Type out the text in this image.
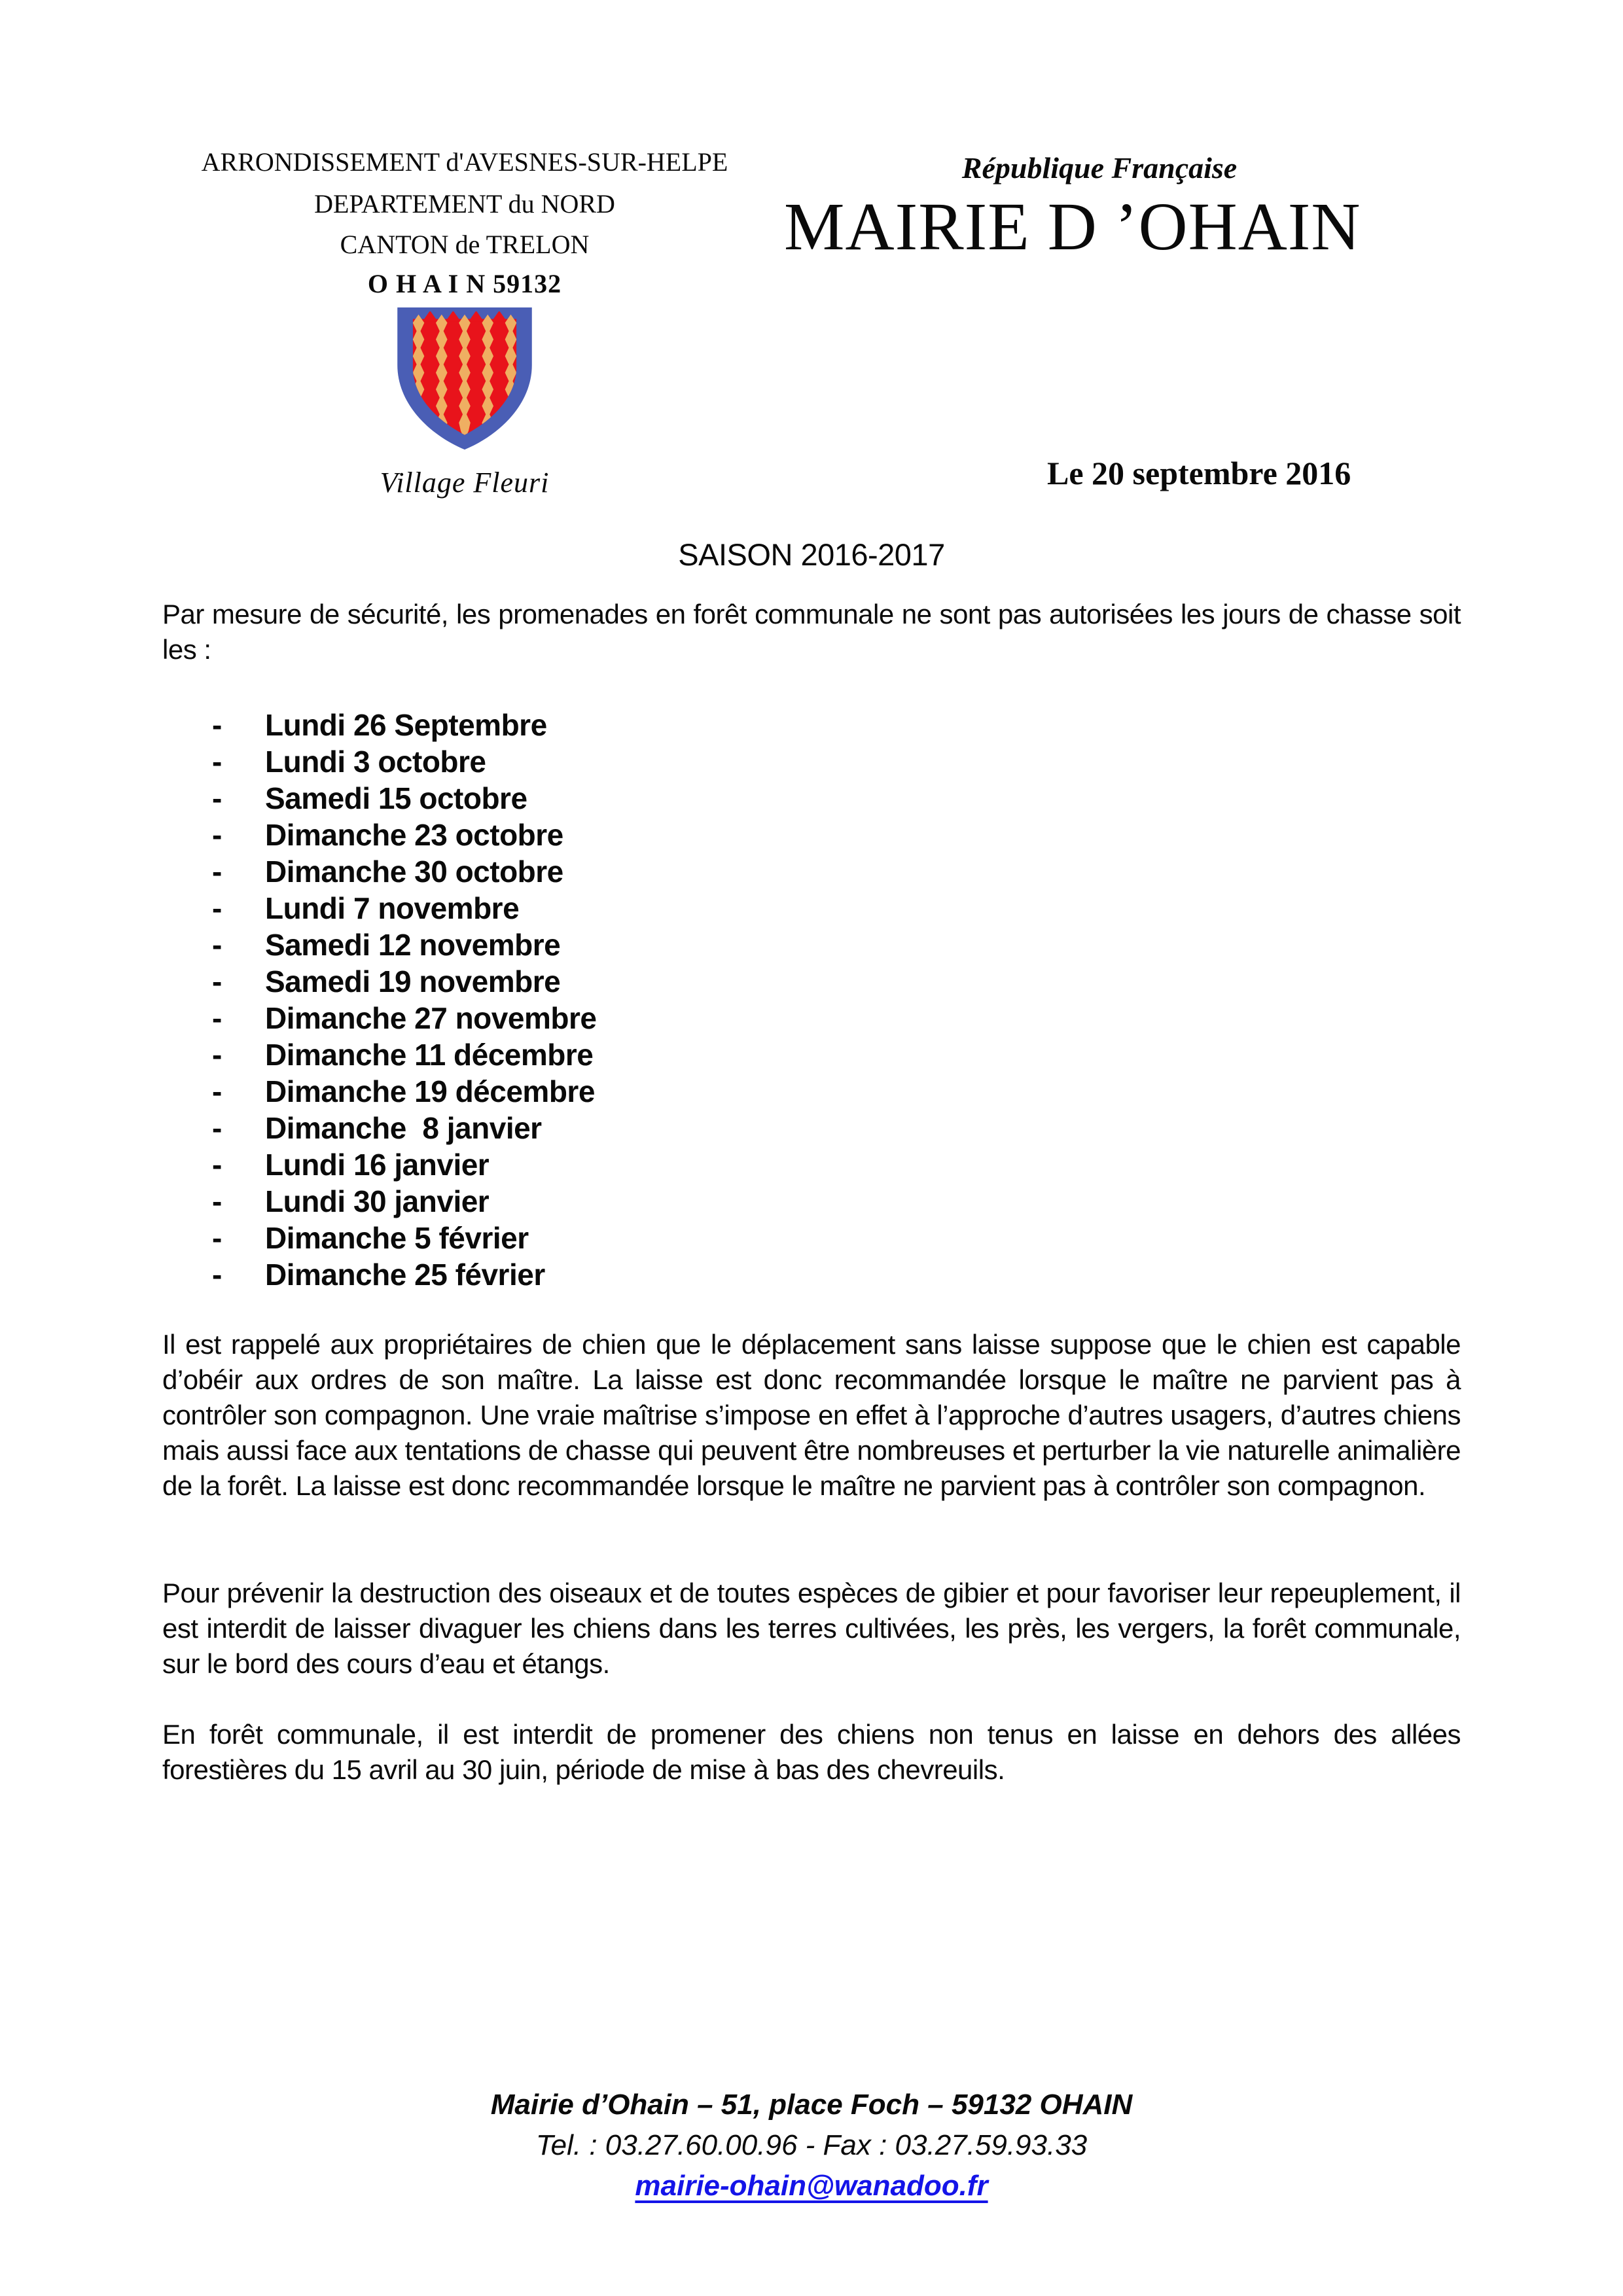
ARRONDISSEMENT d'AVESNES-SUR-HELPE
DEPARTEMENT du NORD
CANTON de TRELON
O H A I N 59132
Village Fleuri
République Française
MAIRIE D ’OHAIN
Le 20 septembre 2016
SAISON 2016-2017
Par mesure de sécurité, les promenades en forêt communale ne sont pas autorisées les jours de chasse soit les :
-	Lundi 26 Septembre
-	Lundi 3 octobre
-	Samedi 15 octobre
-	Dimanche 23 octobre
-	Dimanche 30 octobre
-	Lundi 7 novembre
-	Samedi 12 novembre
-	Samedi 19 novembre
-	Dimanche 27 novembre
-	Dimanche 11 décembre
-	Dimanche 19 décembre
-	Dimanche  8 janvier
-	Lundi 16 janvier
-	Lundi 30 janvier
-	Dimanche 5 février
-	Dimanche 25 février
Il est rappelé aux propriétaires de chien que le déplacement sans laisse suppose que le chien est capable d’obéir aux ordres de son maître. La laisse est donc recommandée lorsque le maître ne parvient pas à contrôler son compagnon. Une vraie maîtrise s’impose en effet à l’approche d’autres usagers, d’autres chiens mais aussi face aux tentations de chasse qui peuvent être nombreuses et perturber la vie naturelle animalière de la forêt. La laisse est donc recommandée lorsque le maître ne parvient pas à contrôler son compagnon.
Pour prévenir la destruction des oiseaux et de toutes espèces de gibier et pour favoriser leur repeuplement, il est interdit de laisser divaguer les chiens dans les terres cultivées, les près, les vergers, la forêt communale, sur le bord des cours d’eau et étangs.
En forêt communale, il est interdit de promener des chiens non tenus en laisse en dehors des allées forestières du 15 avril au 30 juin, période de mise à bas des chevreuils.
Mairie d’Ohain – 51, place Foch – 59132 OHAIN
Tel. : 03.27.60.00.96 - Fax : 03.27.59.93.33
mairie-ohain@wanadoo.fr
